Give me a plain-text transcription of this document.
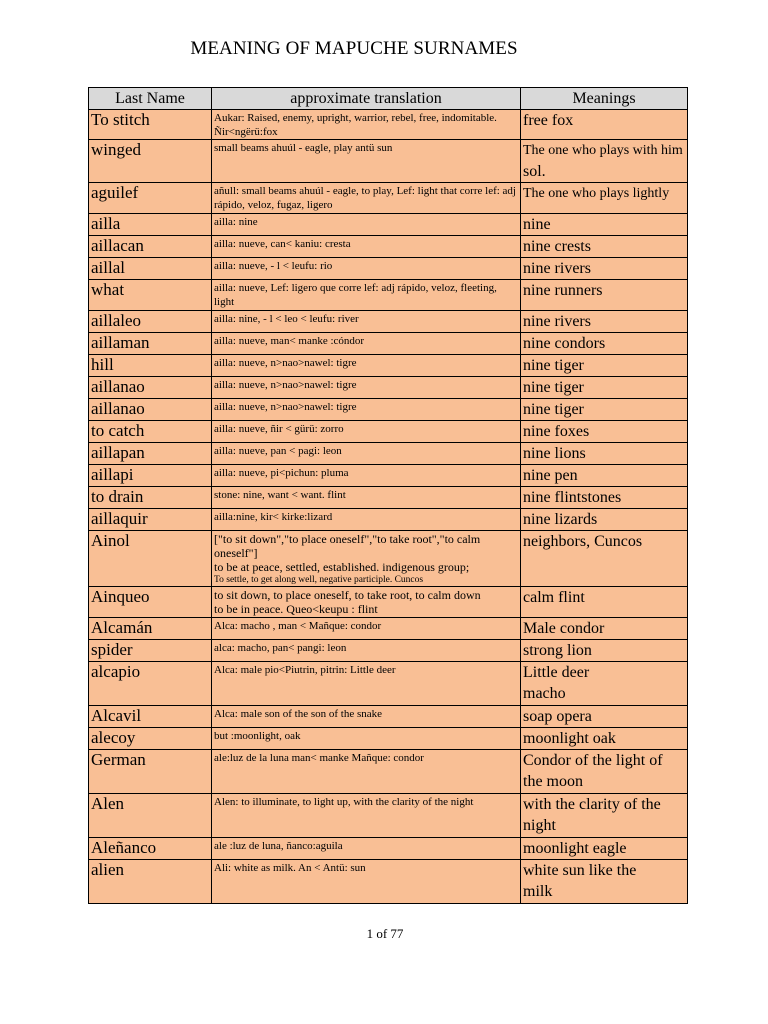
MEANING OF MAPUCHE SURNAMES
Last Name	approximate translation	Meanings
To stitch	Aukar: Raised, enemy, upright, warrior, rebel, free, indomitable. Ñir<ngërü:fox	free fox

winged	small beams ahuúl - eagle, play antü sun	The one who plays with him
sol.

aguilef	añull: small beams ahuúl - eagle, to play, Lef: light that corre lef: adj rápido, veloz, fugaz, ligero	The one who plays lightly

ailla	ailla: nine	nine

aillacan	ailla: nueve, can< kaniu: cresta	nine crests

aillal	ailla: nueve, - l < leufu: rio	nine rivers

what	ailla: nueve, Lef: ligero que corre lef: adj rápido, veloz, fleeting, light	nine runners

aillaleo	ailla: nine, - l < leo < leufu: river	nine rivers

aillaman	ailla: nueve, man< manke :cóndor	nine condors

hill	ailla: nueve, n>nao>nawel: tigre	nine tiger

aillanao	ailla: nueve, n>nao>nawel: tigre	nine tiger

aillanao	ailla: nueve, n>nao>nawel: tigre	nine tiger

to catch	ailla: nueve, ñir < gürü: zorro	nine foxes

aillapan	ailla: nueve, pan < pagi: leon	nine lions

aillapi	ailla: nueve, pi<pichun: pluma	nine pen

to drain	stone: nine, want < want. flint	nine flintstones

aillaquir	ailla:nine, kir< kirke:lizard	nine lizards

Ainol	["to sit down","to place oneself","to take root","to calm oneself"]
to be at peace, settled, established. indigenous group;
To settle, to get along well, negative participle. Cuncos	neighbors, Cuncos

Ainqueo	to sit down, to place oneself, to take root, to calm down
to be in peace. Queo<keupu : flint	calm flint

Alcamán	Alca: macho , man < Mañque: condor	Male condor

spider	alca: macho, pan< pangi: leon	strong lion

alcapio	Alca: male pio<Piutrin, pitrin: Little deer	Little deer
macho

Alcavil	Alca: male son of the son of the snake	soap opera

alecoy	but :moonlight, oak	moonlight oak

German	ale:luz de la luna man< manke Mañque: condor	Condor of the light of
the moon

Alen	Alen: to illuminate, to light up, with the clarity of the night	with the clarity of the
night

Aleñanco	ale :luz de luna, ñanco:aguila	moonlight eagle

alien	Ali: white as milk. An < Antü: sun	white sun like the
milk
1 of 77
